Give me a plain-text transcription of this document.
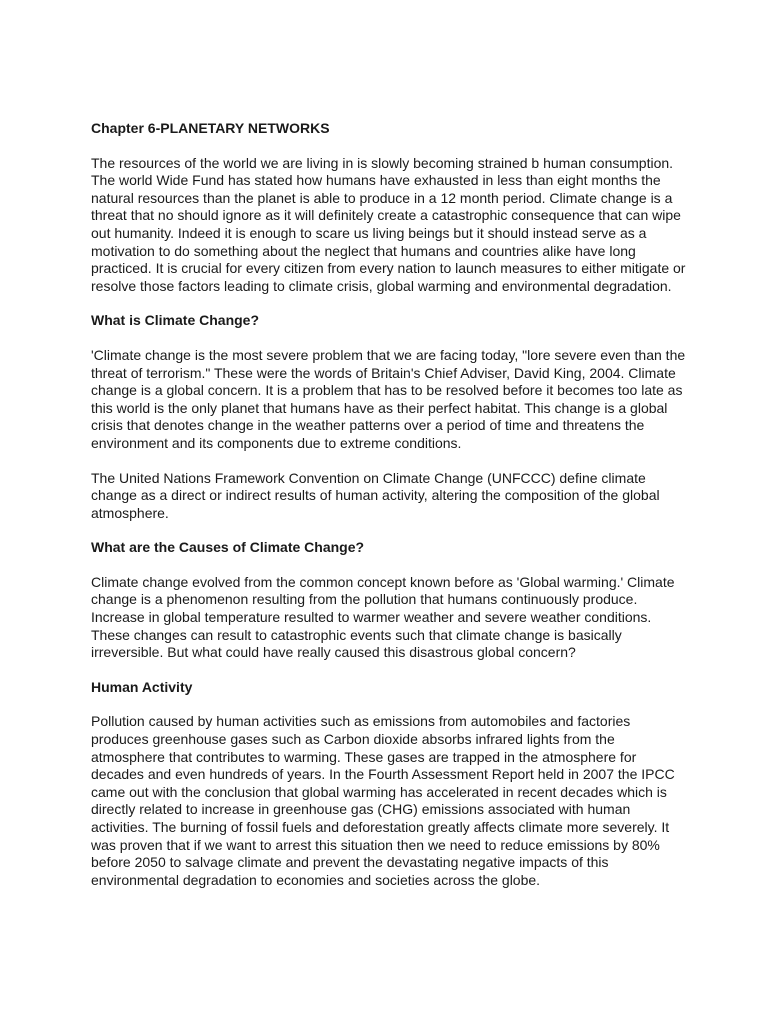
Chapter 6-PLANETARY NETWORKS
The resources of the world we are living in is slowly becoming strained b human consumption. The world Wide Fund has stated how humans have exhausted in less than eight months the natural resources than the planet is able to produce in a 12 month period. Climate change is a threat that no should ignore as it will definitely create a catastrophic consequence that can wipe out humanity. Indeed it is enough to scare us living beings but it should instead serve as a motivation to do something about the neglect that humans and countries alike have long practiced. It is crucial for every citizen from every nation to launch measures to either mitigate or resolve those factors leading to climate crisis, global warming and environmental degradation.
What is Climate Change?
'Climate change is the most severe problem that we are facing today, "lore severe even than the threat of terrorism." These were the words of Britain's Chief Adviser, David King, 2004. Climate change is a global concern. It is a problem that has to be resolved before it becomes too late as this world is the only planet that humans have as their perfect habitat. This change is a global crisis that denotes change in the weather patterns over a period of time and threatens the environment and its components due to extreme conditions.
The United Nations Framework Convention on Climate Change (UNFCCC) define climate change as a direct or indirect results of human activity, altering the composition of the global atmosphere.
What are the Causes of Climate Change?
Climate change evolved from the common concept known before as 'Global warming.' Climate change is a phenomenon resulting from the pollution that humans continuously produce. Increase in global temperature resulted to warmer weather and severe weather conditions. These changes can result to catastrophic events such that climate change is basically irreversible. But what could have really caused this disastrous global concern?
Human Activity
Pollution caused by human activities such as emissions from automobiles and factories produces greenhouse gases such as Carbon dioxide absorbs infrared lights from the atmosphere that contributes to warming. These gases are trapped in the atmosphere for decades and even hundreds of years. In the Fourth Assessment Report held in 2007 the IPCC came out with the conclusion that global warming has accelerated in recent decades which is directly related to increase in greenhouse gas (CHG) emissions associated with human activities. The burning of fossil fuels and deforestation greatly affects climate more severely. It was proven that if we want to arrest this situation then we need to reduce emissions by 80% before 2050 to salvage climate and prevent the devastating negative impacts of this environmental degradation to economies and societies across the globe.
